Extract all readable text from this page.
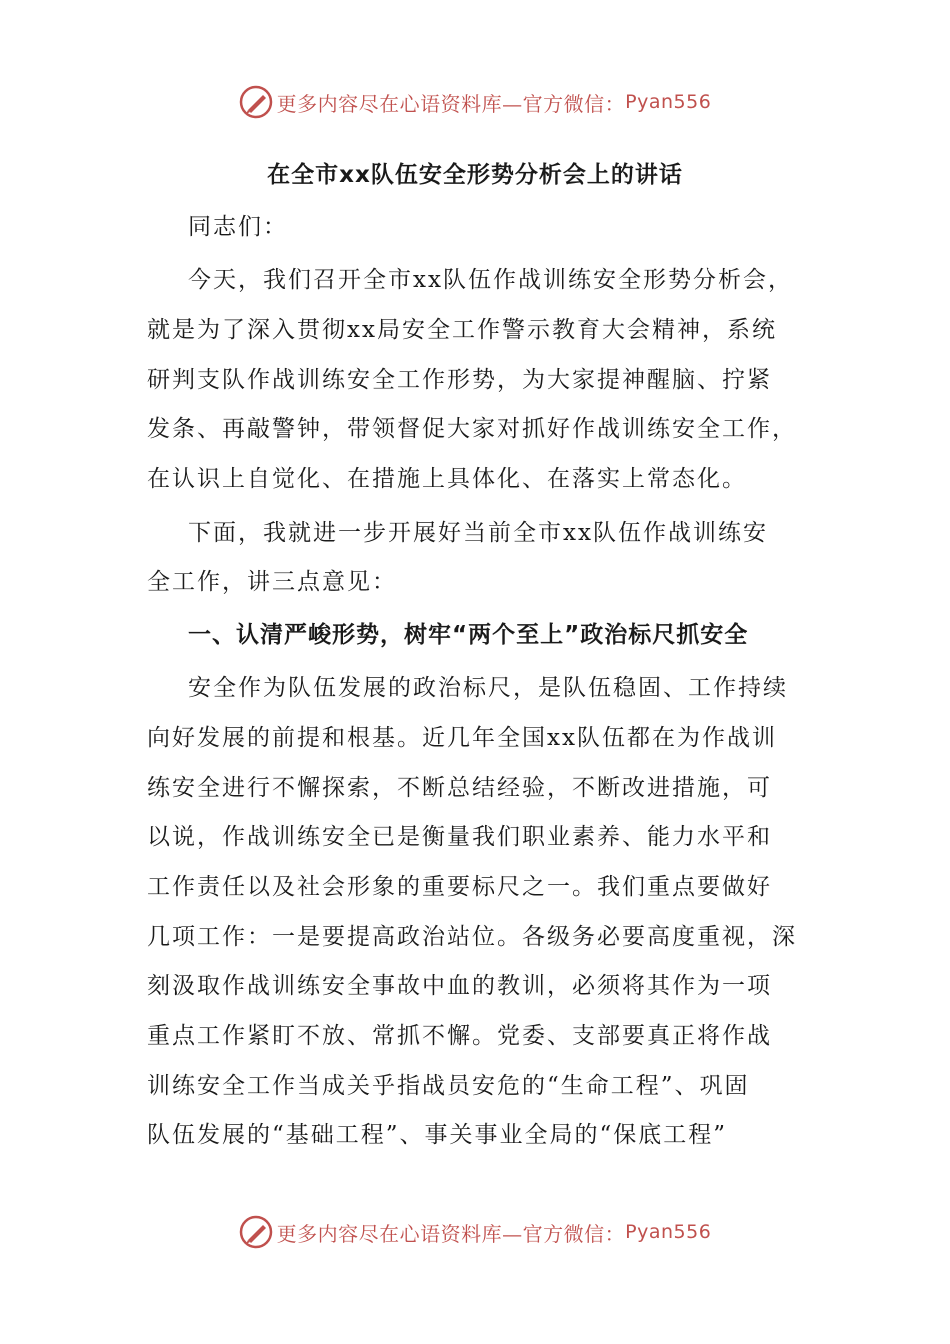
更多内容尽在心语资料库—官方微信： Pyan556
在全市xx队伍安全形势分析会上的讲话
同志们：
今天，我们召开全市xx队伍作战训练安全形势分析会，
就是为了深入贯彻xx局安全工作警示教育大会精神，系统
研判支队作战训练安全工作形势，为大家提神醒脑、拧紧
发条、再敲警钟，带领督促大家对抓好作战训练安全工作，
在认识上自觉化、在措施上具体化、在落实上常态化。
下面，我就进一步开展好当前全市xx队伍作战训练安
全工作，讲三点意见：
一、认清严峻形势，树牢“两个至上”政治标尺抓安全
安全作为队伍发展的政治标尺，是队伍稳固、工作持续
向好发展的前提和根基。近几年全国xx队伍都在为作战训
练安全进行不懈探索，不断总结经验，不断改进措施，可
以说，作战训练安全已是衡量我们职业素养、能力水平和
工作责任以及社会形象的重要标尺之一。我们重点要做好
几项工作：一是要提高政治站位。各级务必要高度重视，深
刻汲取作战训练安全事故中血的教训，必须将其作为一项
重点工作紧盯不放、常抓不懈。党委、支部要真正将作战
训练安全工作当成关乎指战员安危的“生命工程”、巩固
队伍发展的“基础工程”、事关事业全局的“保底工程”
更多内容尽在心语资料库—官方微信： Pyan556
